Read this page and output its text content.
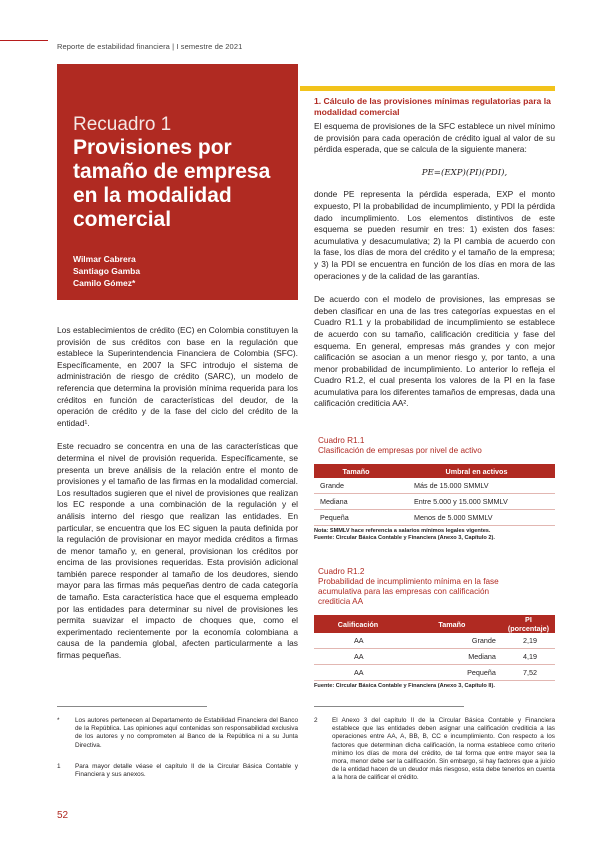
Reporte de estabilidad financiera | I semestre de 2021
Recuadro 1
Provisiones por tamaño de empresa en la modalidad comercial
Wilmar Cabrera
Santiago Gamba
Camilo Gómez*

Los establecimientos de crédito (EC) en Colombia constituyen la provisión de sus créditos con base en la regulación que establece la Superintendencia Financiera de Colombia (SFC). Específicamente, en 2007 la SFC introdujo el sistema de administración de riesgo de crédito (SARC), un modelo de referencia que determina la provisión mínima requerida para los créditos en función de características del deudor, de la operación de crédito y de la fase del ciclo del crédito de la entidad¹.

Este recuadro se concentra en una de las características que determina el nivel de provisión requerida. Específicamente, se presenta un breve análisis de la relación entre el monto de provisiones y el tamaño de las firmas en la modalidad comercial. Los resultados sugieren que el nivel de provisiones que realizan los EC responde a una combinación de la regulación y el análisis interno del riesgo que realizan las entidades. En particular, se encuentra que los EC siguen la pauta definida por la regulación de provisionar en mayor medida créditos a firmas de menor tamaño y, en general, provisionan los créditos por encima de las provisiones requeridas. Esta provisión adicional también parece responder al tamaño de los deudores, siendo mayor para las firmas más pequeñas dentro de cada categoría de tamaño. Esta característica hace que el esquema empleado por las entidades para determinar su nivel de provisiones les permita suavizar el impacto de choques que, como el experimentado recientemente por la economía colombiana a causa de la pandemia global, afecten particularmente a las firmas pequeñas.

1. Cálculo de las provisiones mínimas regulatorias para la modalidad comercial

El esquema de provisiones de la SFC establece un nivel mínimo de provisión para cada operación de crédito igual al valor de su pérdida esperada, que se calcula de la siguiente manera:

PE=(EXP)(PI)(PDI),

donde PE representa la pérdida esperada, EXP el monto expuesto, PI la probabilidad de incumplimiento, y PDI la pérdida dado incumplimiento. Los elementos distintivos de este esquema se pueden resumir en tres: 1) existen dos fases: acumulativa y desacumulativa; 2) la PI cambia de acuerdo con la fase, los días de mora del crédito y el tamaño de la empresa; y 3) la PDI se encuentra en función de los días en mora de las operaciones y de la calidad de las garantías.

De acuerdo con el modelo de provisiones, las empresas se deben clasificar en una de las tres categorías expuestas en el Cuadro R1.1 y la probabilidad de incumplimiento se establece de acuerdo con su tamaño, calificación crediticia y fase del esquema. En general, empresas más grandes y con mejor calificación se asocian a un menor riesgo y, por tanto, a una menor probabilidad de incumplimiento. Lo anterior lo refleja el Cuadro R1.2, el cual presenta los valores de la PI en la fase acumulativa para los diferentes tamaños de empresas, dada una calificación crediticia AA².

Cuadro R1.1
Clasificación de empresas por nivel de activo
Tamaño	Umbral en activos
Grande	Más de 15.000 SMMLV
Mediana	Entre 5.000 y 15.000 SMMLV
Pequeña	Menos de 5.000 SMMLV
Nota: SMMLV hace referencia a salarios mínimos legales vigentes.
Fuente: Circular Básica Contable y Financiera (Anexo 3, Capítulo 2).
Cuadro R1.2
Probabilidad de incumplimiento mínima en la fase acumulativa para las empresas con calificación crediticia AA
Calificación	Tamaño	PI (porcentaje)
AA	Grande	2,19
AA	Mediana	4,19
AA	Pequeña	7,52
Fuente: Circular Básica Contable y Financiera (Anexo 3, Capítulo II).
* Los autores pertenecen al Departamento de Estabilidad Financiera del Banco de la República. Las opiniones aquí contenidas son responsabilidad exclusiva de los autores y no comprometen al Banco de la República ni a su Junta Directiva.
1 Para mayor detalle véase el capítulo II de la Circular Básica Contable y Financiera y sus anexos.
2 El Anexo 3 del capítulo II de la Circular Básica Contable y Financiera establece que las entidades deben asignar una calificación crediticia a las operaciones entre AA, A, BB, B, CC e incumplimiento. Con respecto a los factores que determinan dicha calificación, la norma establece como criterio mínimo los días de mora del crédito, de tal forma que entre mayor sea la mora, menor debe ser la calificación. Sin embargo, si hay factores que a juicio de la entidad hacen de un deudor más riesgoso, esta debe tenerlos en cuenta a la hora de calificar el crédito.
52
